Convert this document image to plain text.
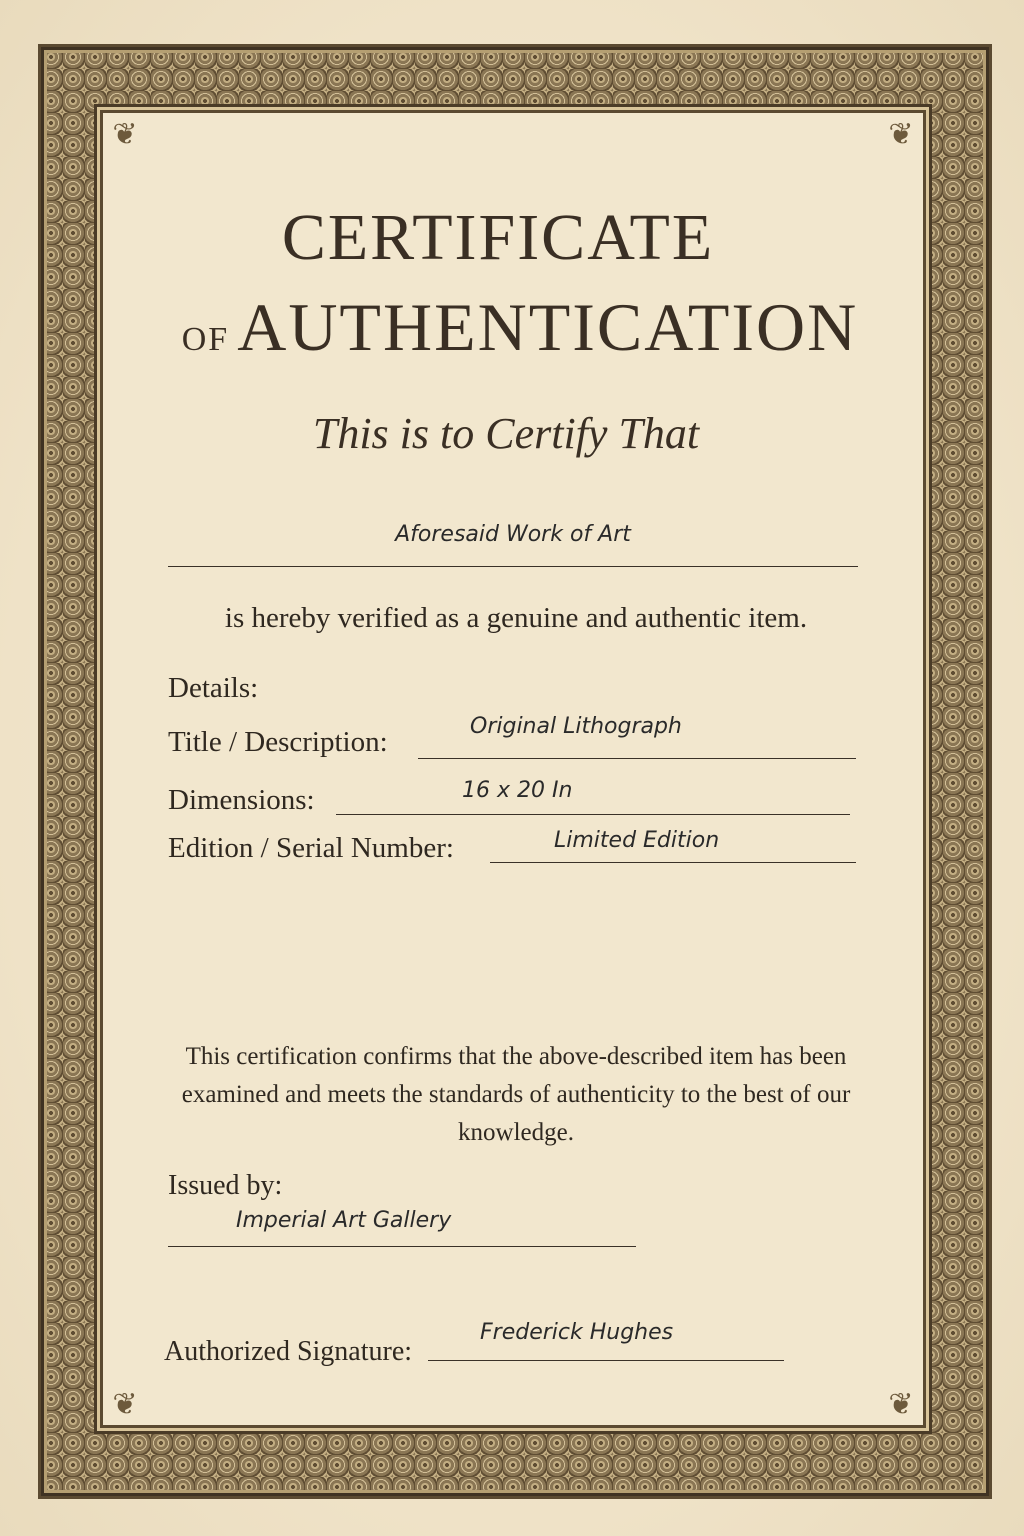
❦	❦
❦	❦
CERTIFICATE
OF AUTHENTICATION
This is to Certify That
Aforesaid Work of Art
is hereby verified as a genuine and authentic item.
Details:
Title / Description:	Original Lithograph
Dimensions:	16 x 20 In
Edition / Serial Number:	Limited Edition
This certification confirms that the above-described item has been examined and meets the standards of authenticity to the best of our knowledge.
Issued by:
Imperial Art Gallery
Authorized Signature:
Frederick Hughes
